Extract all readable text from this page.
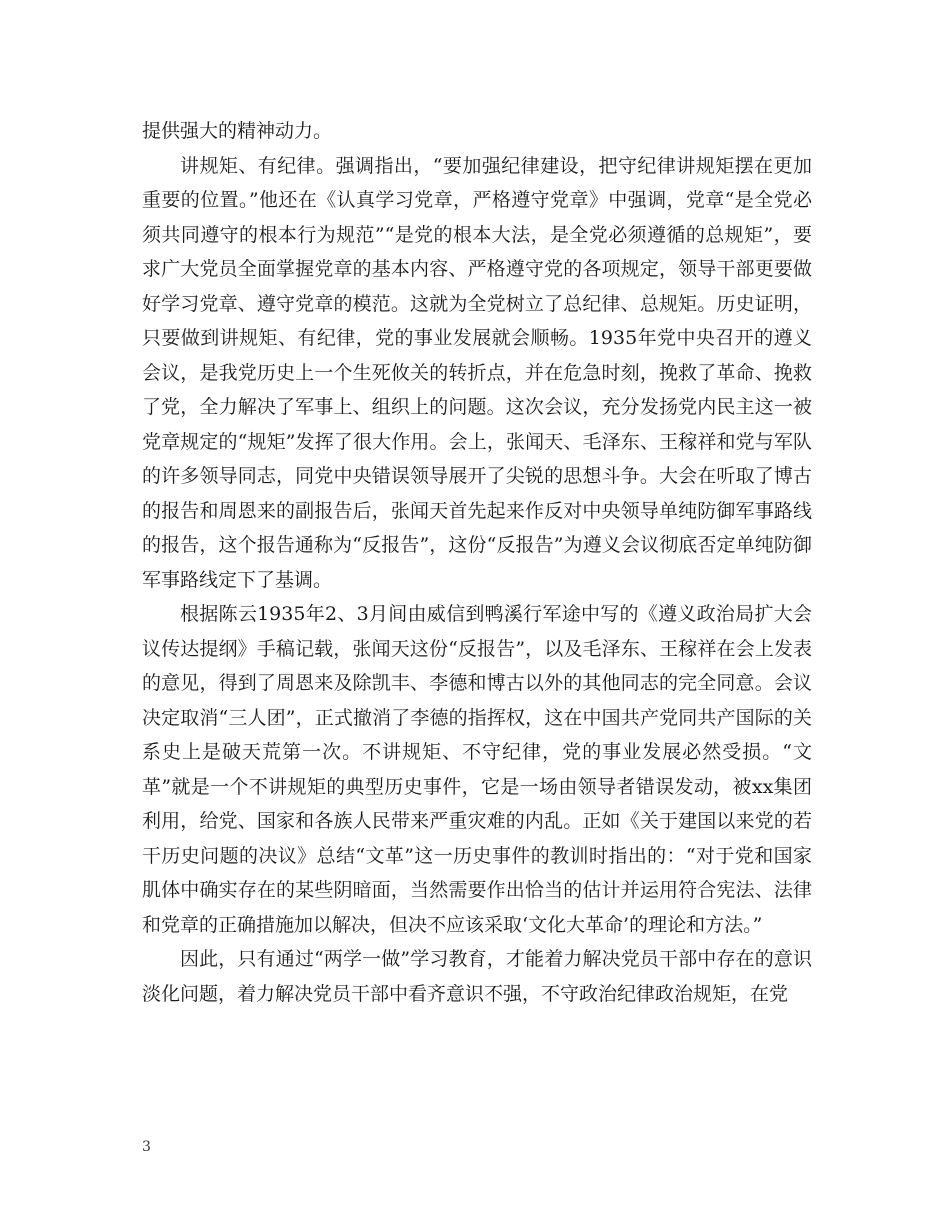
提供强大的精神动力。

讲规矩、有纪律。强调指出，“要加强纪律建设，把守纪律讲规矩摆在更加重要的位置。”他还在《认真学习党章，严格遵守党章》中强调，党章“是全党必须共同遵守的根本行为规范”“是党的根本大法，是全党必须遵循的总规矩”，要求广大党员全面掌握党章的基本内容、严格遵守党的各项规定，领导干部更要做好学习党章、遵守党章的模范。这就为全党树立了总纪律、总规矩。历史证明，只要做到讲规矩、有纪律，党的事业发展就会顺畅。1935年党中央召开的遵义会议，是我党历史上一个生死攸关的转折点，并在危急时刻，挽救了革命、挽救了党，全力解决了军事上、组织上的问题。这次会议，充分发扬党内民主这一被党章规定的“规矩”发挥了很大作用。会上，张闻天、毛泽东、王稼祥和党与军队的许多领导同志，同党中央错误领导展开了尖锐的思想斗争。大会在听取了博古的报告和周恩来的副报告后，张闻天首先起来作反对中央领导单纯防御军事路线的报告，这个报告通称为“反报告”，这份“反报告”为遵义会议彻底否定单纯防御军事路线定下了基调。

根据陈云1935年2、3月间由威信到鸭溪行军途中写的《遵义政治局扩大会议传达提纲》手稿记载，张闻天这份“反报告”，以及毛泽东、王稼祥在会上发表的意见，得到了周恩来及除凯丰、李德和博古以外的其他同志的完全同意。会议决定取消“三人团”，正式撤消了李德的指挥权，这在中国共产党同共产国际的关系史上是破天荒第一次。不讲规矩、不守纪律，党的事业发展必然受损。“文革”就是一个不讲规矩的典型历史事件，它是一场由领导者错误发动，被xx集团利用，给党、国家和各族人民带来严重灾难的内乱。正如《关于建国以来党的若干历史问题的决议》总结“文革”这一历史事件的教训时指出的：“对于党和国家肌体中确实存在的某些阴暗面，当然需要作出恰当的估计并运用符合宪法、法律和党章的正确措施加以解决，但决不应该采取‘文化大革命’的理论和方法。”

因此，只有通过“两学一做”学习教育，才能着力解决党员干部中存在的意识淡化问题，着力解决党员干部中看齐意识不强，不守政治纪律政治规矩，在党

3
